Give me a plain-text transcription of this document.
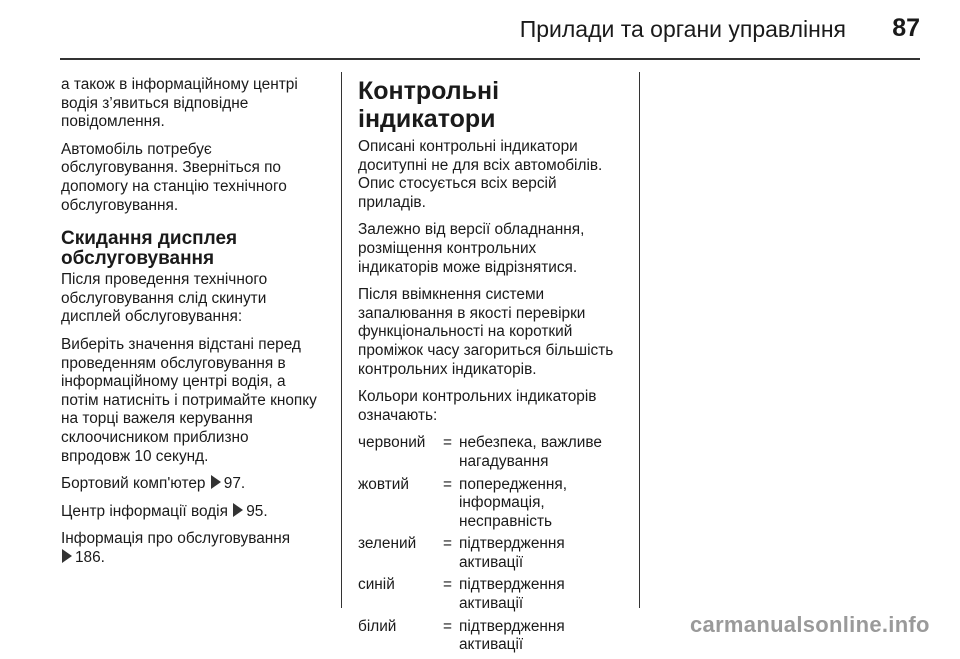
Прилади та органи управління 87

а також в інформаційному центрі
водія з’явиться відповідне
повідомлення.

Автомобіль потребує
обслуговування. Зверніться по
допомогу на станцію технічного
обслуговування.

Скидання дисплея
обслуговування

Після проведення технічного
обслуговування слід скинути
дисплей обслуговування:

Виберіть значення відстані перед
проведенням обслуговування в
інформаційному центрі водія, а
потім натисніть і потримайте кнопку
на торці важеля керування
склоочисником приблизно
впродовж 10 секунд.

Бортовий комп'ютер 97.

Центр інформації водія 95.

Інформація про обслуговування
186.

Контрольні індикатори

Описані контрольні індикатори
доситупні не для всіх автомобілів.
Опис стосується всіх версій
приладів.

Залежно від версії обладнання,
розміщення контрольних
індикаторів може відрізнятися.

Після ввімкнення системи
запалювання в якості перевірки
функціональності на короткий
проміжок часу загориться більшість
контрольних індикаторів.

Кольори контрольних індикаторів
означають:

червоний	=	небезпека, важливе
нагадування
жовтий	=	попередження,
інформація,
несправність
зелений	=	підтвердження
активації
синій	=	підтвердження
активації
білий	=	підтвердження
активації
carmanualsonline.info
